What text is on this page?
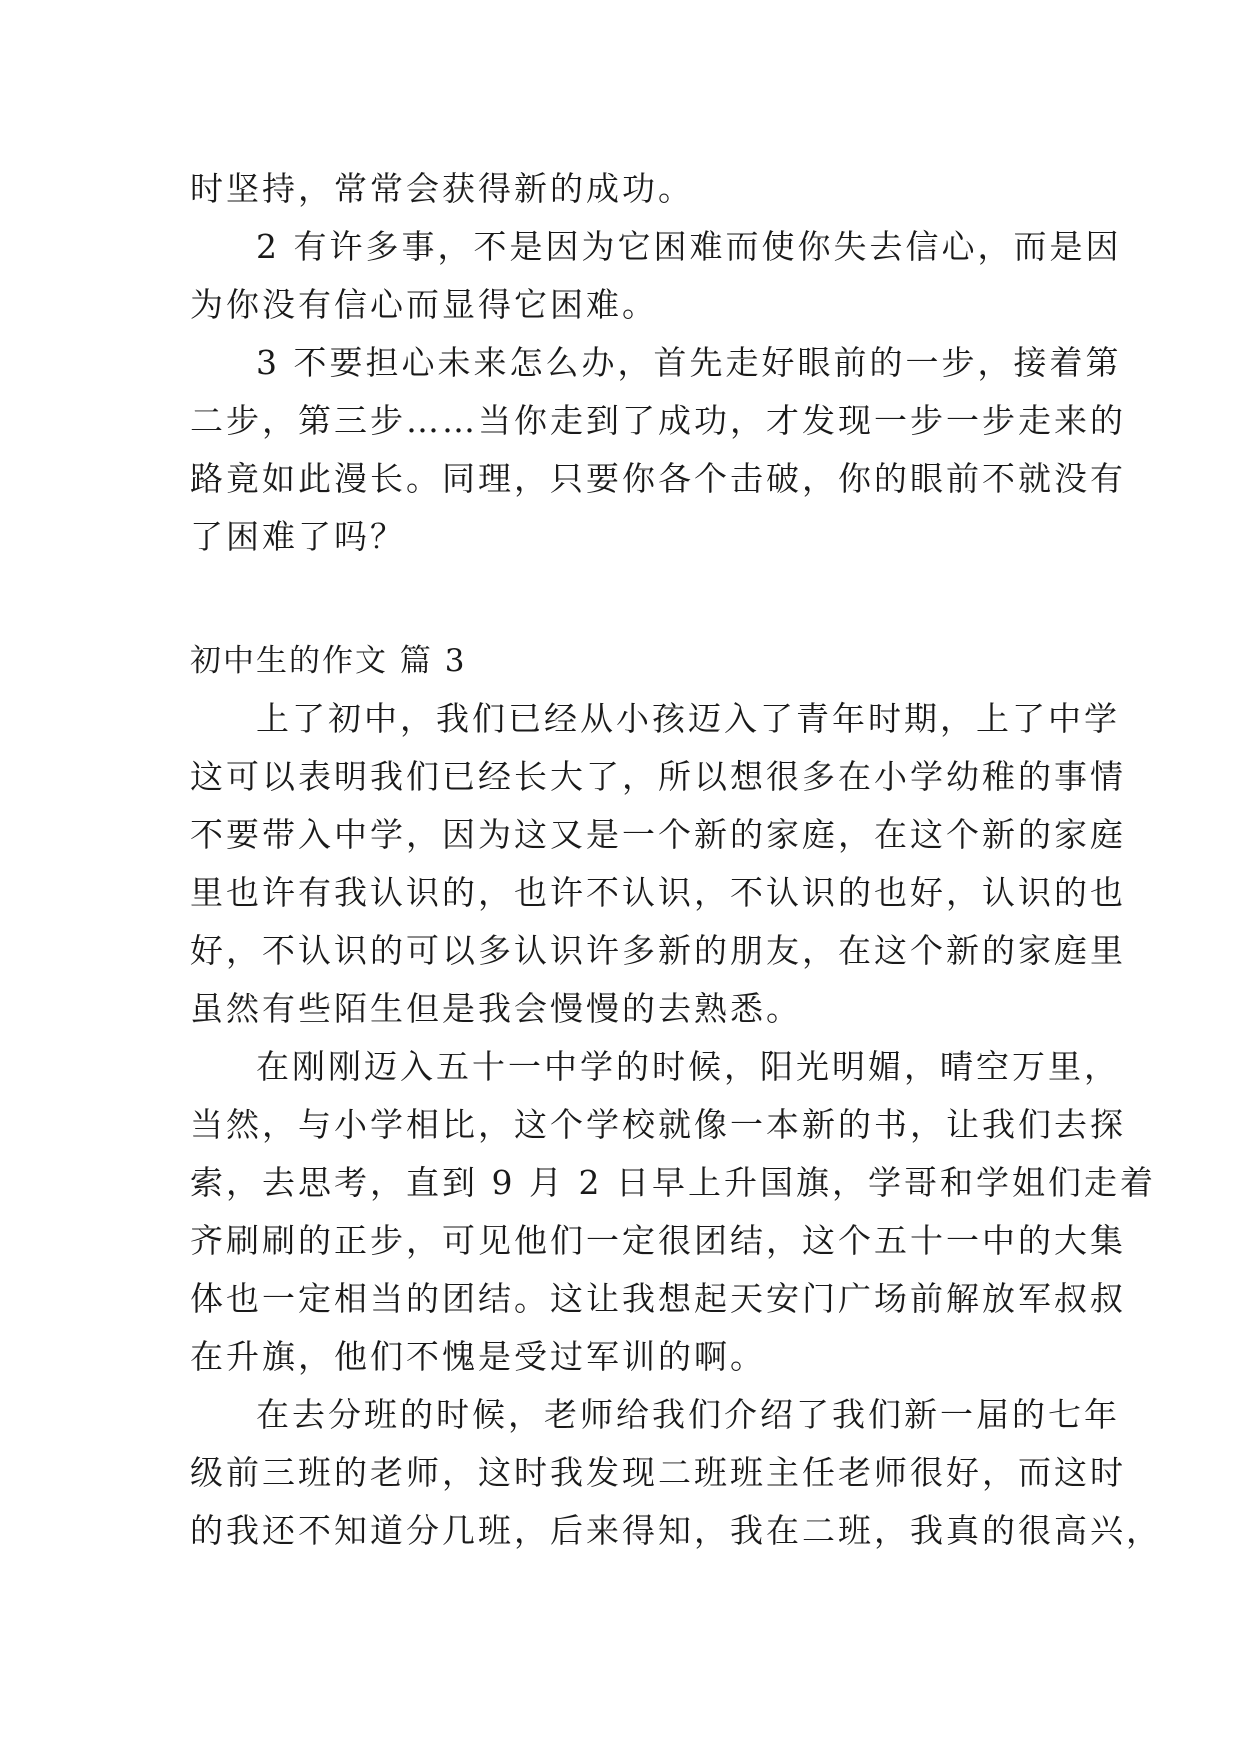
时坚持，常常会获得新的成功。
2 有许多事，不是因为它困难而使你失去信心，而是因
为你没有信心而显得它困难。
3 不要担心未来怎么办，首先走好眼前的一步，接着第
二步，第三步……当你走到了成功，才发现一步一步走来的
路竟如此漫长。同理，只要你各个击破，你的眼前不就没有
了困难了吗？
初中生的作文 篇 3
上了初中，我们已经从小孩迈入了青年时期，上了中学
这可以表明我们已经长大了，所以想很多在小学幼稚的事情
不要带入中学，因为这又是一个新的家庭，在这个新的家庭
里也许有我认识的，也许不认识，不认识的也好，认识的也
好，不认识的可以多认识许多新的朋友，在这个新的家庭里
虽然有些陌生但是我会慢慢的去熟悉。
在刚刚迈入五十一中学的时候，阳光明媚，晴空万里，
当然，与小学相比，这个学校就像一本新的书，让我们去探
索，去思考，直到 9 月 2 日早上升国旗，学哥和学姐们走着
齐刷刷的正步，可见他们一定很团结，这个五十一中的大集
体也一定相当的团结。这让我想起天安门广场前解放军叔叔
在升旗，他们不愧是受过军训的啊。
在去分班的时候，老师给我们介绍了我们新一届的七年
级前三班的老师，这时我发现二班班主任老师很好，而这时
的我还不知道分几班，后来得知，我在二班，我真的很高兴，
